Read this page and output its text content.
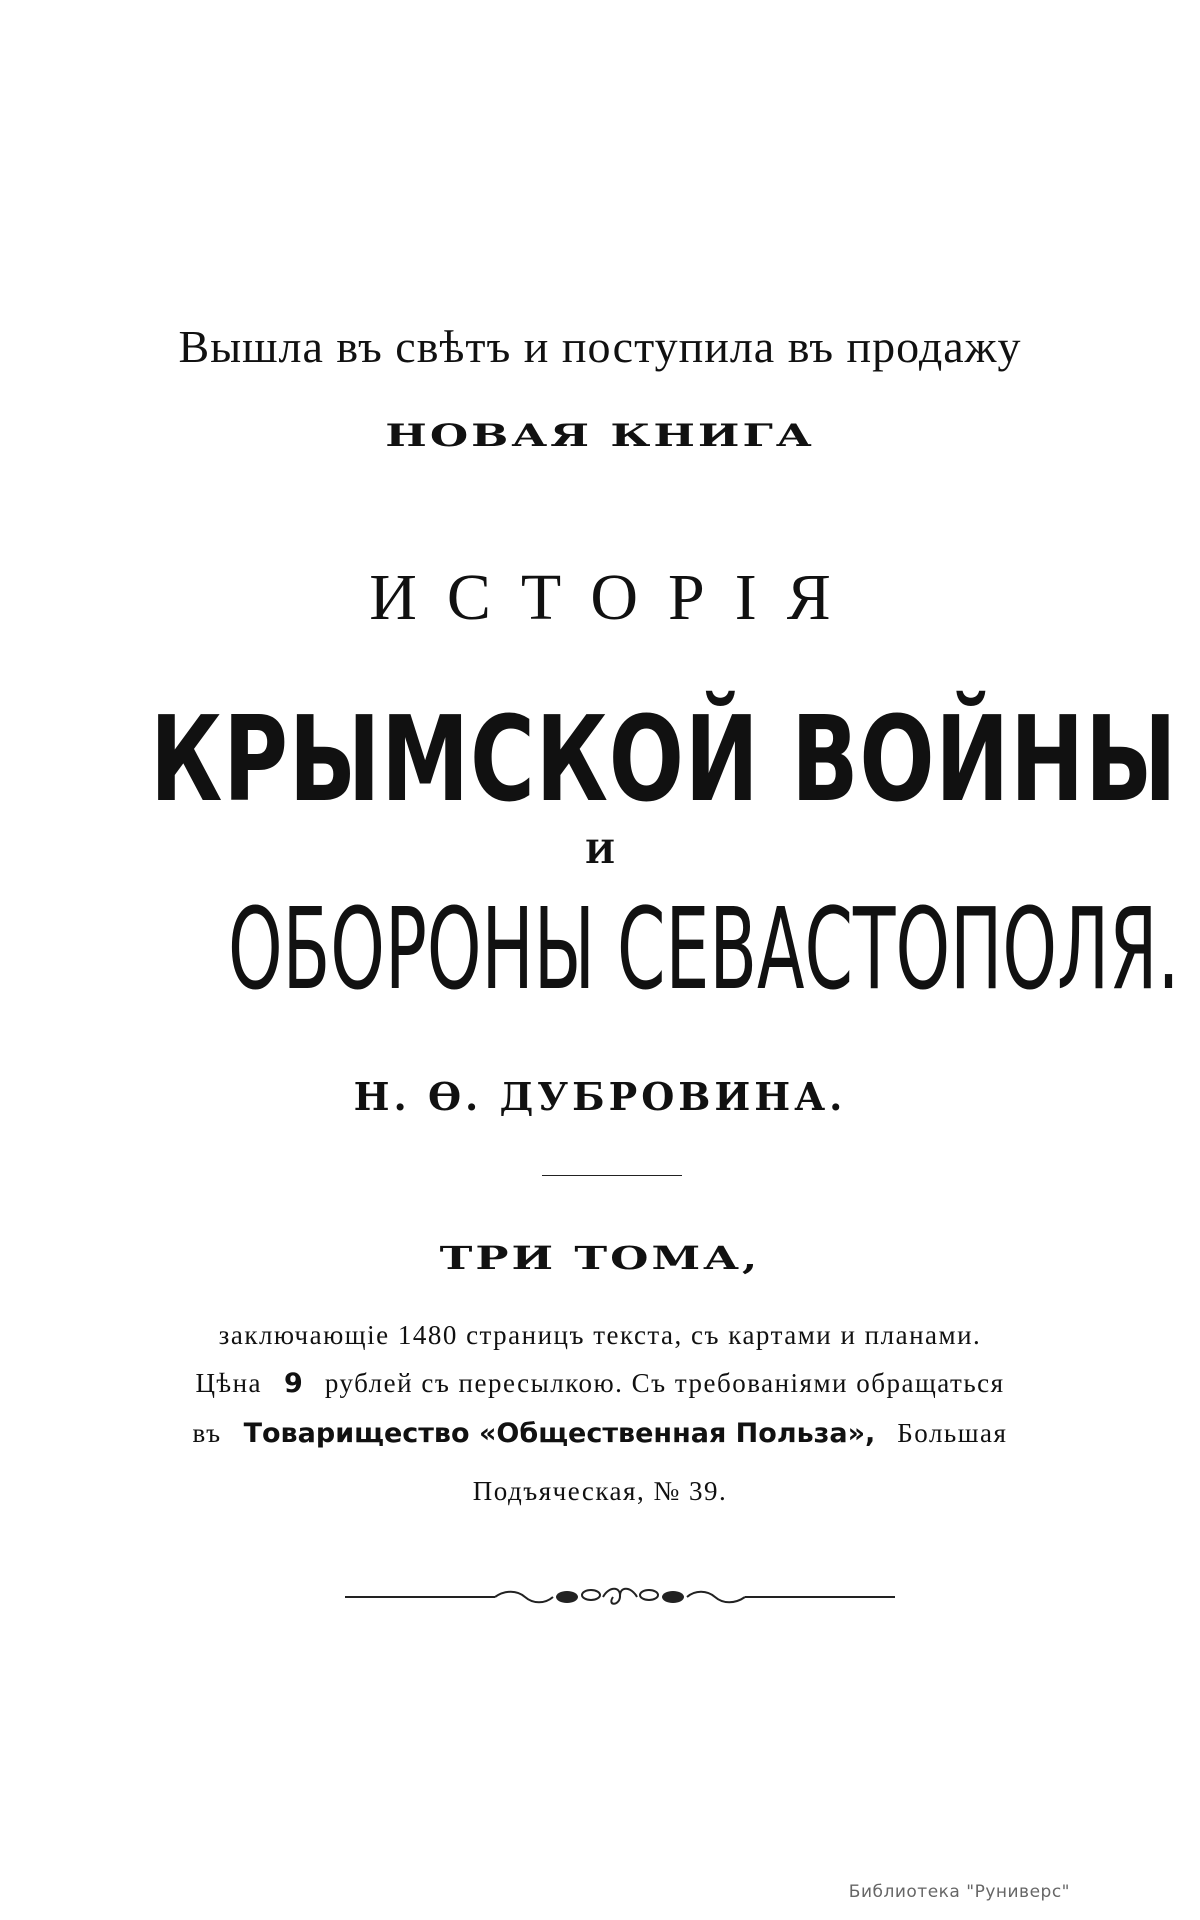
Вышла въ свѣтъ и поступила въ продажу
НОВАЯ КНИГА
ИСТОРІЯ
КРЫМСКОЙ ВОЙНЫ
И
ОБОРОНЫ СЕВАСТОПОЛЯ.
Н. Ѳ. ДУБРОВИНА.
ТРИ ТОМА,
заключающіе 1480 страницъ текста, съ картами и планами.
Цѣна 9 рублей съ пересылкою. Съ требованіями обращаться
въ Товарищество «Общественная Польза», Большая
Подъяческая, № 39.
Библиотека "Руниверс"
